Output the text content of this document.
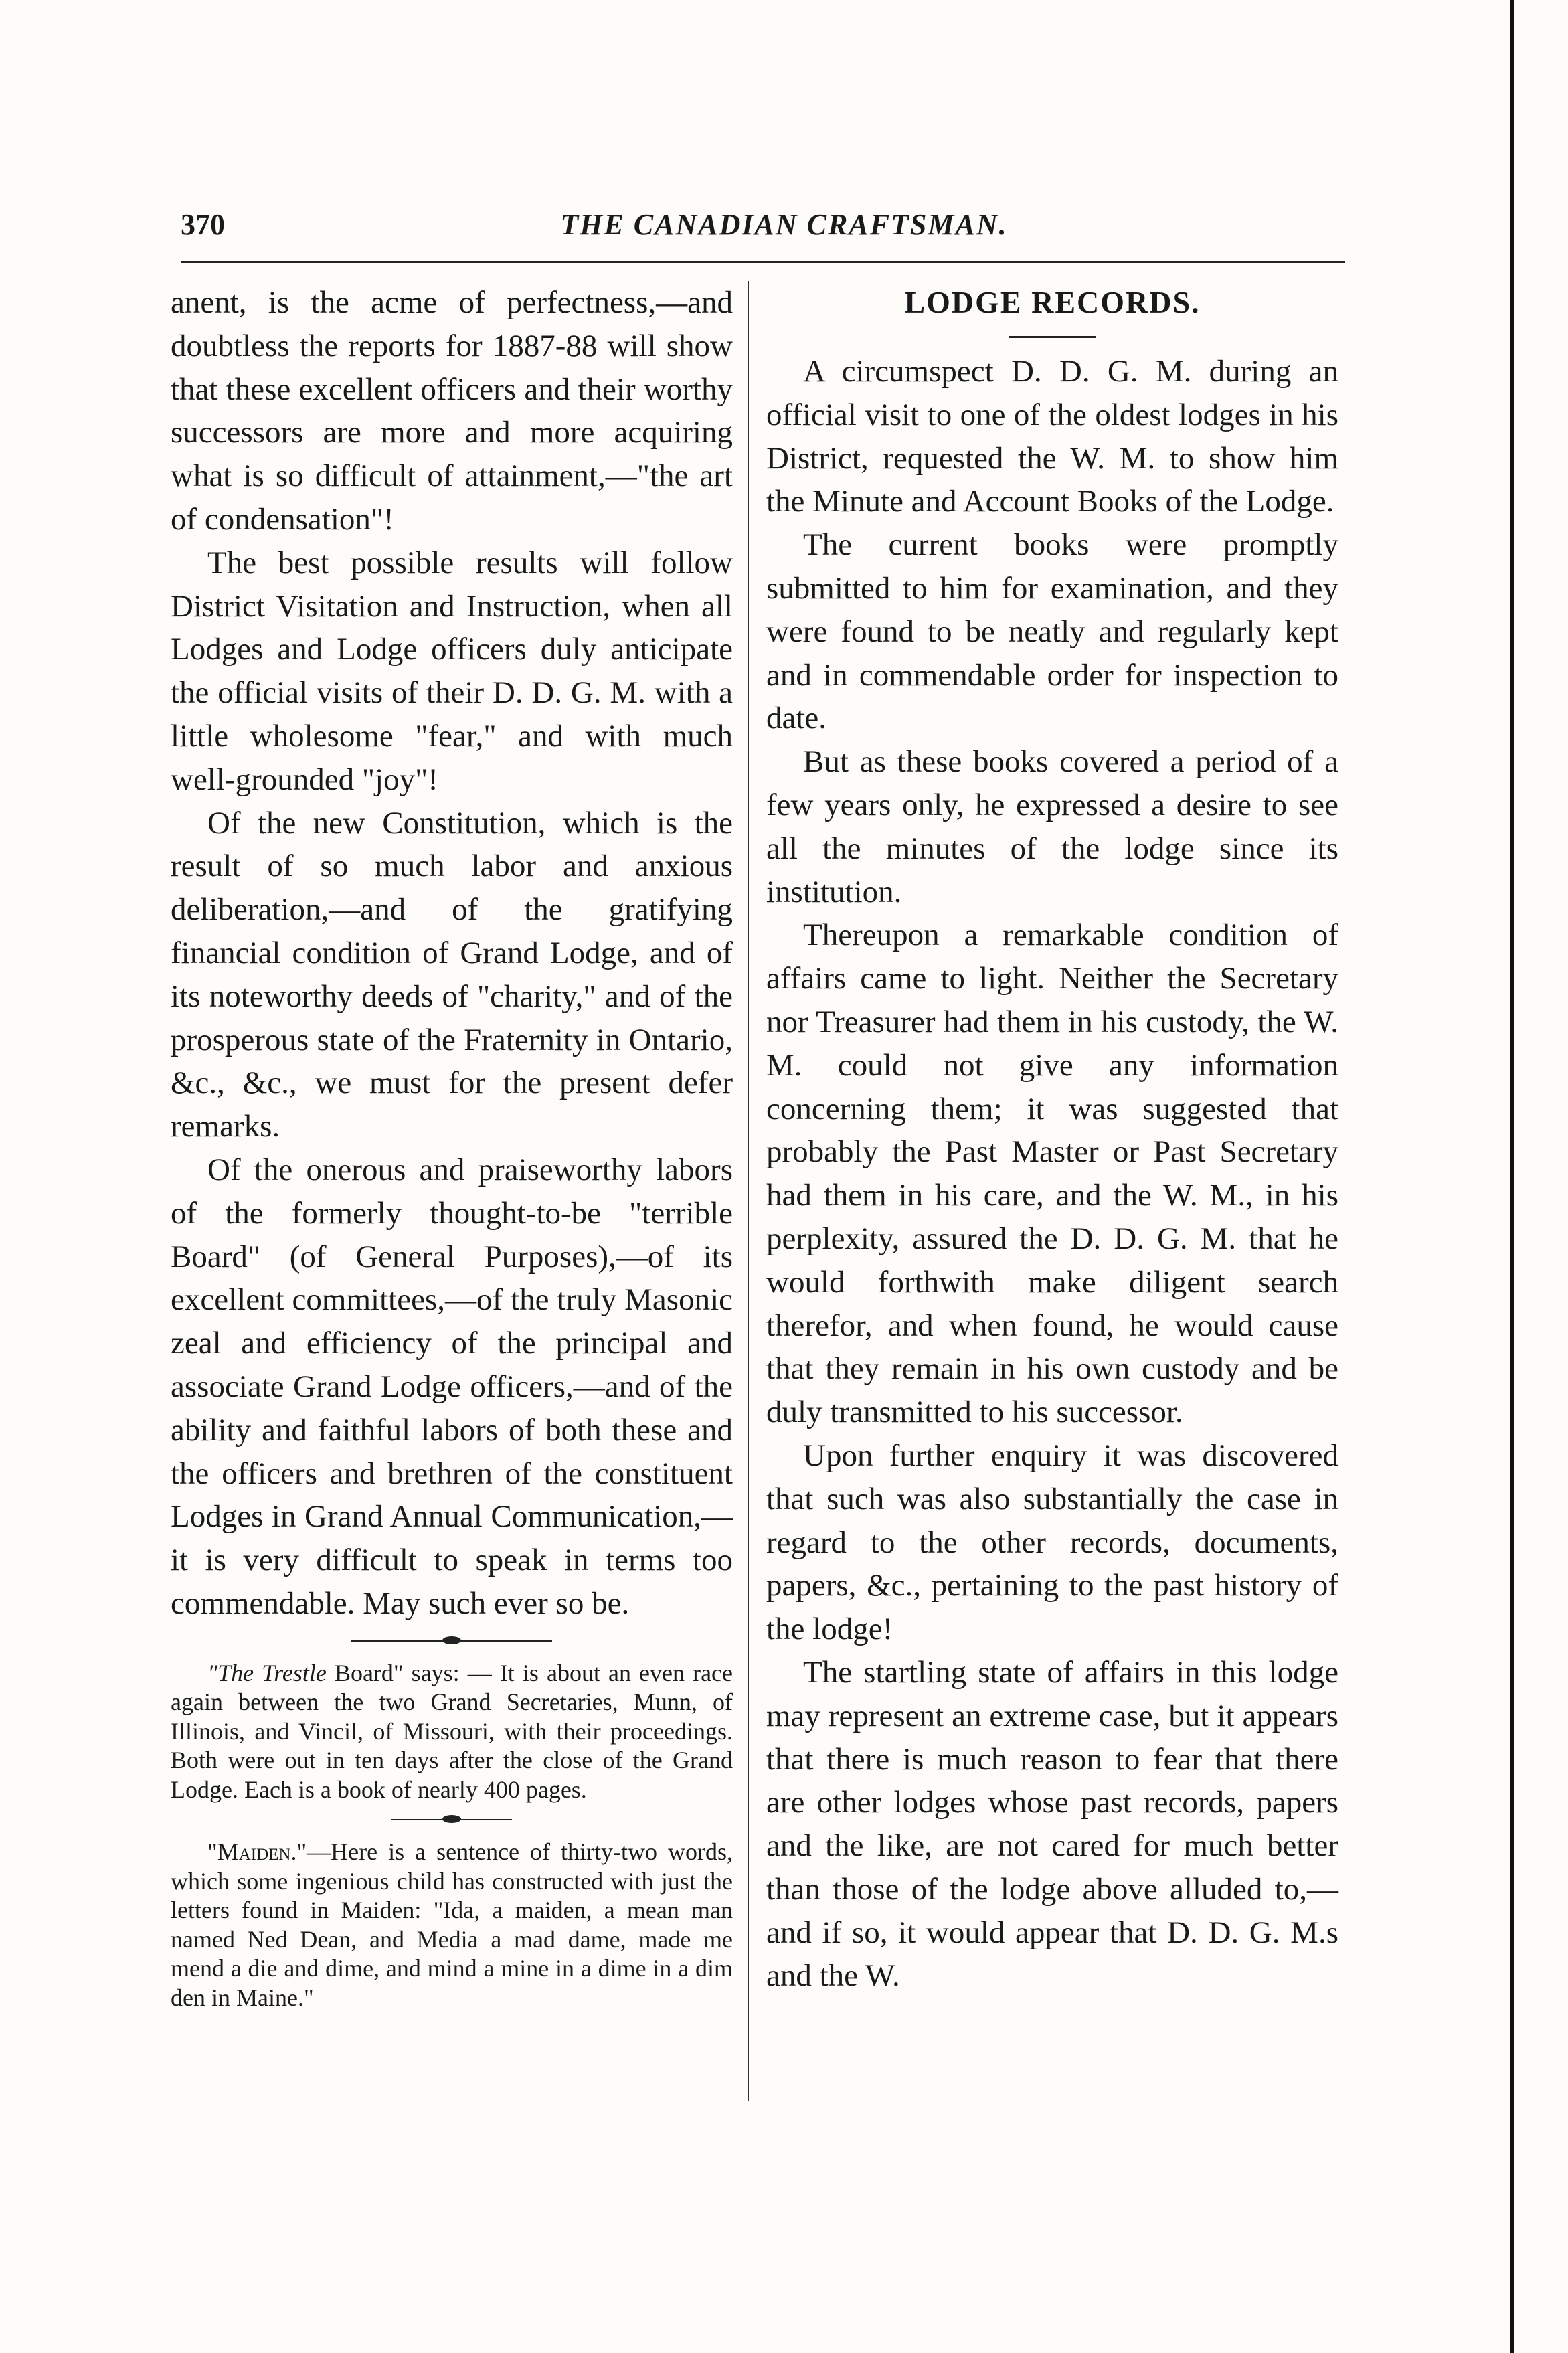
370	THE CANADIAN CRAFTSMAN.

anent, is the acme of perfectness,—and doubtless the reports for 1887-88 will show that these excellent officers and their worthy successors are more and more acquiring what is so difficult of attainment,—"the art of condensation"!

The best possible results will follow District Visitation and Instruction, when all Lodges and Lodge officers duly anticipate the official visits of their D. D. G. M. with a little wholesome "fear," and with much well-grounded "joy"!

Of the new Constitution, which is the result of so much labor and anxious deliberation,—and of the gratifying financial condition of Grand Lodge, and of its noteworthy deeds of "charity," and of the prosperous state of the Fraternity in Ontario, &c., &c., we must for the present defer remarks.

Of the onerous and praiseworthy labors of the formerly thought-to-be "terrible Board" (of General Purposes),—of its excellent committees,—of the truly Masonic zeal and efficiency of the principal and associate Grand Lodge officers,—and of the ability and faithful labors of both these and the officers and brethren of the constituent Lodges in Grand Annual Communication,—it is very difficult to speak in terms too commendable. May such ever so be.

"The Trestle Board" says: — It is about an even race again between the two Grand Secretaries, Munn, of Illinois, and Vincil, of Missouri, with their proceedings. Both were out in ten days after the close of the Grand Lodge. Each is a book of nearly 400 pages.

"Maiden."—Here is a sentence of thirty-two words, which some ingenious child has constructed with just the letters found in Maiden: "Ida, a maiden, a mean man named Ned Dean, and Media a mad dame, made me mend a die and dime, and mind a mine in a dime in a dim den in Maine."

LODGE RECORDS.

A circumspect D. D. G. M. during an official visit to one of the oldest lodges in his District, requested the W. M. to show him the Minute and Account Books of the Lodge.

The current books were promptly submitted to him for examination, and they were found to be neatly and regularly kept and in commendable order for inspection to date.

But as these books covered a period of a few years only, he expressed a desire to see all the minutes of the lodge since its institution.

Thereupon a remarkable condition of affairs came to light. Neither the Secretary nor Treasurer had them in his custody, the W. M. could not give any information concerning them; it was suggested that probably the Past Master or Past Secretary had them in his care, and the W. M., in his perplexity, assured the D. D. G. M. that he would forthwith make diligent search therefor, and when found, he would cause that they remain in his own custody and be duly transmitted to his successor.

Upon further enquiry it was discovered that such was also substantially the case in regard to the other records, documents, papers, &c., pertaining to the past history of the lodge!

The startling state of affairs in this lodge may represent an extreme case, but it appears that there is much reason to fear that there are other lodges whose past records, papers and the like, are not cared for much better than those of the lodge above alluded to,—and if so, it would appear that D. D. G. M.s and the W.
